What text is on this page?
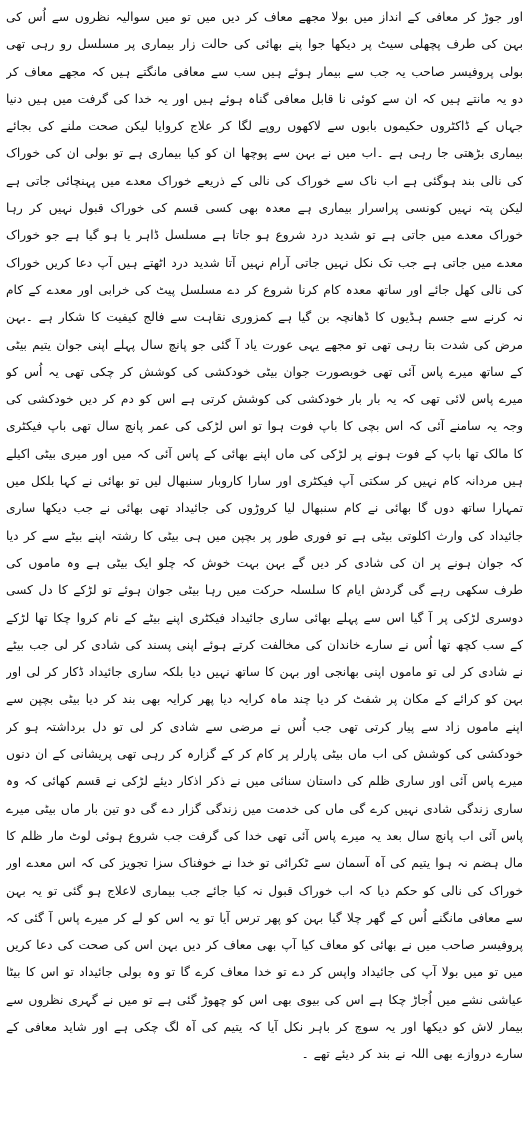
اور جوڑ کر معافی کے انداز میں بولا مجھے معاف کر دیں میں تو میں سوالیہ نظروں سے اُس کی بہن کی طرف پچھلی سیٹ پر دیکھا جوا پنے بھائی کی حالت زار بیماری پر مسلسل رو رہی تھی بولی پروفیسر صاحب یہ جب سے بیمار ہوئے ہیں سب سے معافی مانگتے ہیں کہ مجھے معاف کر دو یہ مانتے ہیں کہ ان سے کوئی نا قابل معافی گناہ ہوئے ہیں اور یہ خدا کی گرفت میں ہیں دنیا جہاں کے ڈاکٹروں حکیموں بابوں سے لاکھوں روپے لگا کر علاج کروایا لیکن صحت ملنے کی بجائے بیماری بڑھتی جا رہی ہے ۔اب میں نے بہن سے پوچھا ان کو کیا بیماری ہے تو بولی ان کی خوراک کی نالی بند ہوگئی ہے اب ناک سے خوراک کی نالی کے ذریعے خوراک معدے میں پہنچائی جاتی ہے لیکن پتہ نہیں کونسی پراسرار بیماری ہے معدہ بھی کسی قسم کی خوراک قبول نہیں کر رہا خوراک معدے میں جاتی ہے تو شدید درد شروع ہو جاتا ہے مسلسل ڈاہر یا ہو گیا ہے جو خوراک معدے میں جاتی ہے جب تک نکل نہیں جاتی آرام نہیں آتا شدید درد اٹھتے ہیں آپ دعا کریں خوراک کی نالی کھل جائے اور ساتھ معدہ کام کرنا شروع کر دے مسلسل پیٹ کی خرابی اور معدے کے کام نہ کرنے سے جسم ہڈیوں کا ڈھانچہ بن گیا ہے کمزوری نقاہت سے فالج کیفیت کا شکار ہے ۔بہن مرض کی شدت بتا رہی تھی تو مجھے یہی عورت یاد آ گئی جو پانچ سال پہلے اپنی جوان یتیم بیٹی کے ساتھ میرے پاس آئی تھی خوبصورت جوان بیٹی خودکشی کی کوشش کر چکی تھی یہ اُس کو میرے پاس لائی تھی کہ یہ بار بار خودکشی کی کوشش کرتی ہے اس کو دم کر دیں خودکشی کی وجہ یہ سامنے آئی کہ اس بچی کا باپ فوت ہوا تو اس لڑکی کی عمر پانچ سال تھی باپ فیکٹری کا مالک تھا باپ کے فوت ہونے پر لڑکی کی ماں اپنے بھائی کے پاس آئی کہ میں اور میری بیٹی اکیلے ہیں مردانہ کام نہیں کر سکتی آپ فیکٹری اور سارا کاروبار سنبھال لیں تو بھائی نے کہا بلکل میں تمہارا ساتھ دوں گا بھائی نے کام سنبھال لیا کروڑوں کی جائیداد تھی بھائی نے جب دیکھا ساری جائیداد کی وارث اکلوتی بیٹی ہے تو فوری طور پر بچپن میں ہی بیٹی کا رشتہ اپنے بیٹے سے کر دیا کہ جوان ہونے پر ان کی شادی کر دیں گے بہن بہت خوش کہ چلو ایک بیٹی ہے وہ ماموں کی طرف سکھی رہے گی گردش ایام کا سلسلہ حرکت میں رہا بیٹی جوان ہوئے تو لڑکے کا دل کسی دوسری لڑکی پر آ گیا اس سے پہلے بھائی ساری جائیداد فیکٹری اپنے بیٹے کے نام کروا چکا تھا لڑکے کے سب کچھ تھا اُس نے سارے خاندان کی مخالفت کرتے ہوئے اپنی پسند کی شادی کر لی جب بیٹے نے شادی کر لی تو ماموں اپنی بھانجی اور بہن کا ساتھ نہیں دیا بلکہ ساری جائیداد ڈکار کر لی اور بہن کو کرائے کے مکان پر شفٹ کر دیا چند ماہ کرایہ دیا پھر کرایہ بھی بند کر دیا بیٹی بچپن سے اپنے ماموں زاد سے پیار کرتی تھی جب اُس نے مرضی سے شادی کر لی تو دل برداشتہ ہو کر خودکشی کی کوشش کی اب ماں بیٹی پارلر پر کام کر کے گزارہ کر رہی تھی پریشانی کے ان دنوں میرے پاس آئی اور ساری ظلم کی داستان سنائی میں نے ذکر اذکار دیئے لڑکی نے قسم کھائی کہ وہ ساری زندگی شادی نہیں کرے گی ماں کی خدمت میں زندگی گزار دے گی دو تین بار ماں بیٹی میرے پاس آئی اب پانچ سال بعد یہ میرے پاس آئی تھی خدا کی گرفت جب شروع ہوئی لوٹ مار ظلم کا مال ہضم نہ ہوا یتیم کی آہ آسمان سے ٹکرائی تو خدا نے خوفناک سزا تجویز کی کہ اس معدے اور خوراک کی نالی کو حکم دیا کہ اب خوراک قبول نہ کیا جائے جب بیماری لاعلاج ہو گئی تو یہ بہن سے معافی مانگنے اُس کے گھر چلا گیا بہن کو پھر ترس آیا تو یہ اس کو لے کر میرے پاس آ گئی کہ پروفیسر صاحب میں نے بھائی کو معاف کیا آپ بھی معاف کر دیں بہن اس کی صحت کی دعا کریں میں تو میں بولا آپ کی جائیداد واپس کر دے تو خدا معاف کرے گا تو وہ بولی جائیداد تو اس کا بیٹا عیاشی نشے میں اُجاڑ چکا ہے اس کی بیوی بھی اس کو چھوڑ گئی ہے تو میں نے گہری نظروں سے بیمار لاش کو دیکھا اور یہ سوچ کر باہر نکل آیا کہ یتیم کی آہ لگ چکی ہے اور شاید معافی کے سارے دروازے بھی اللہ نے بند کر دیئے تھے ۔
